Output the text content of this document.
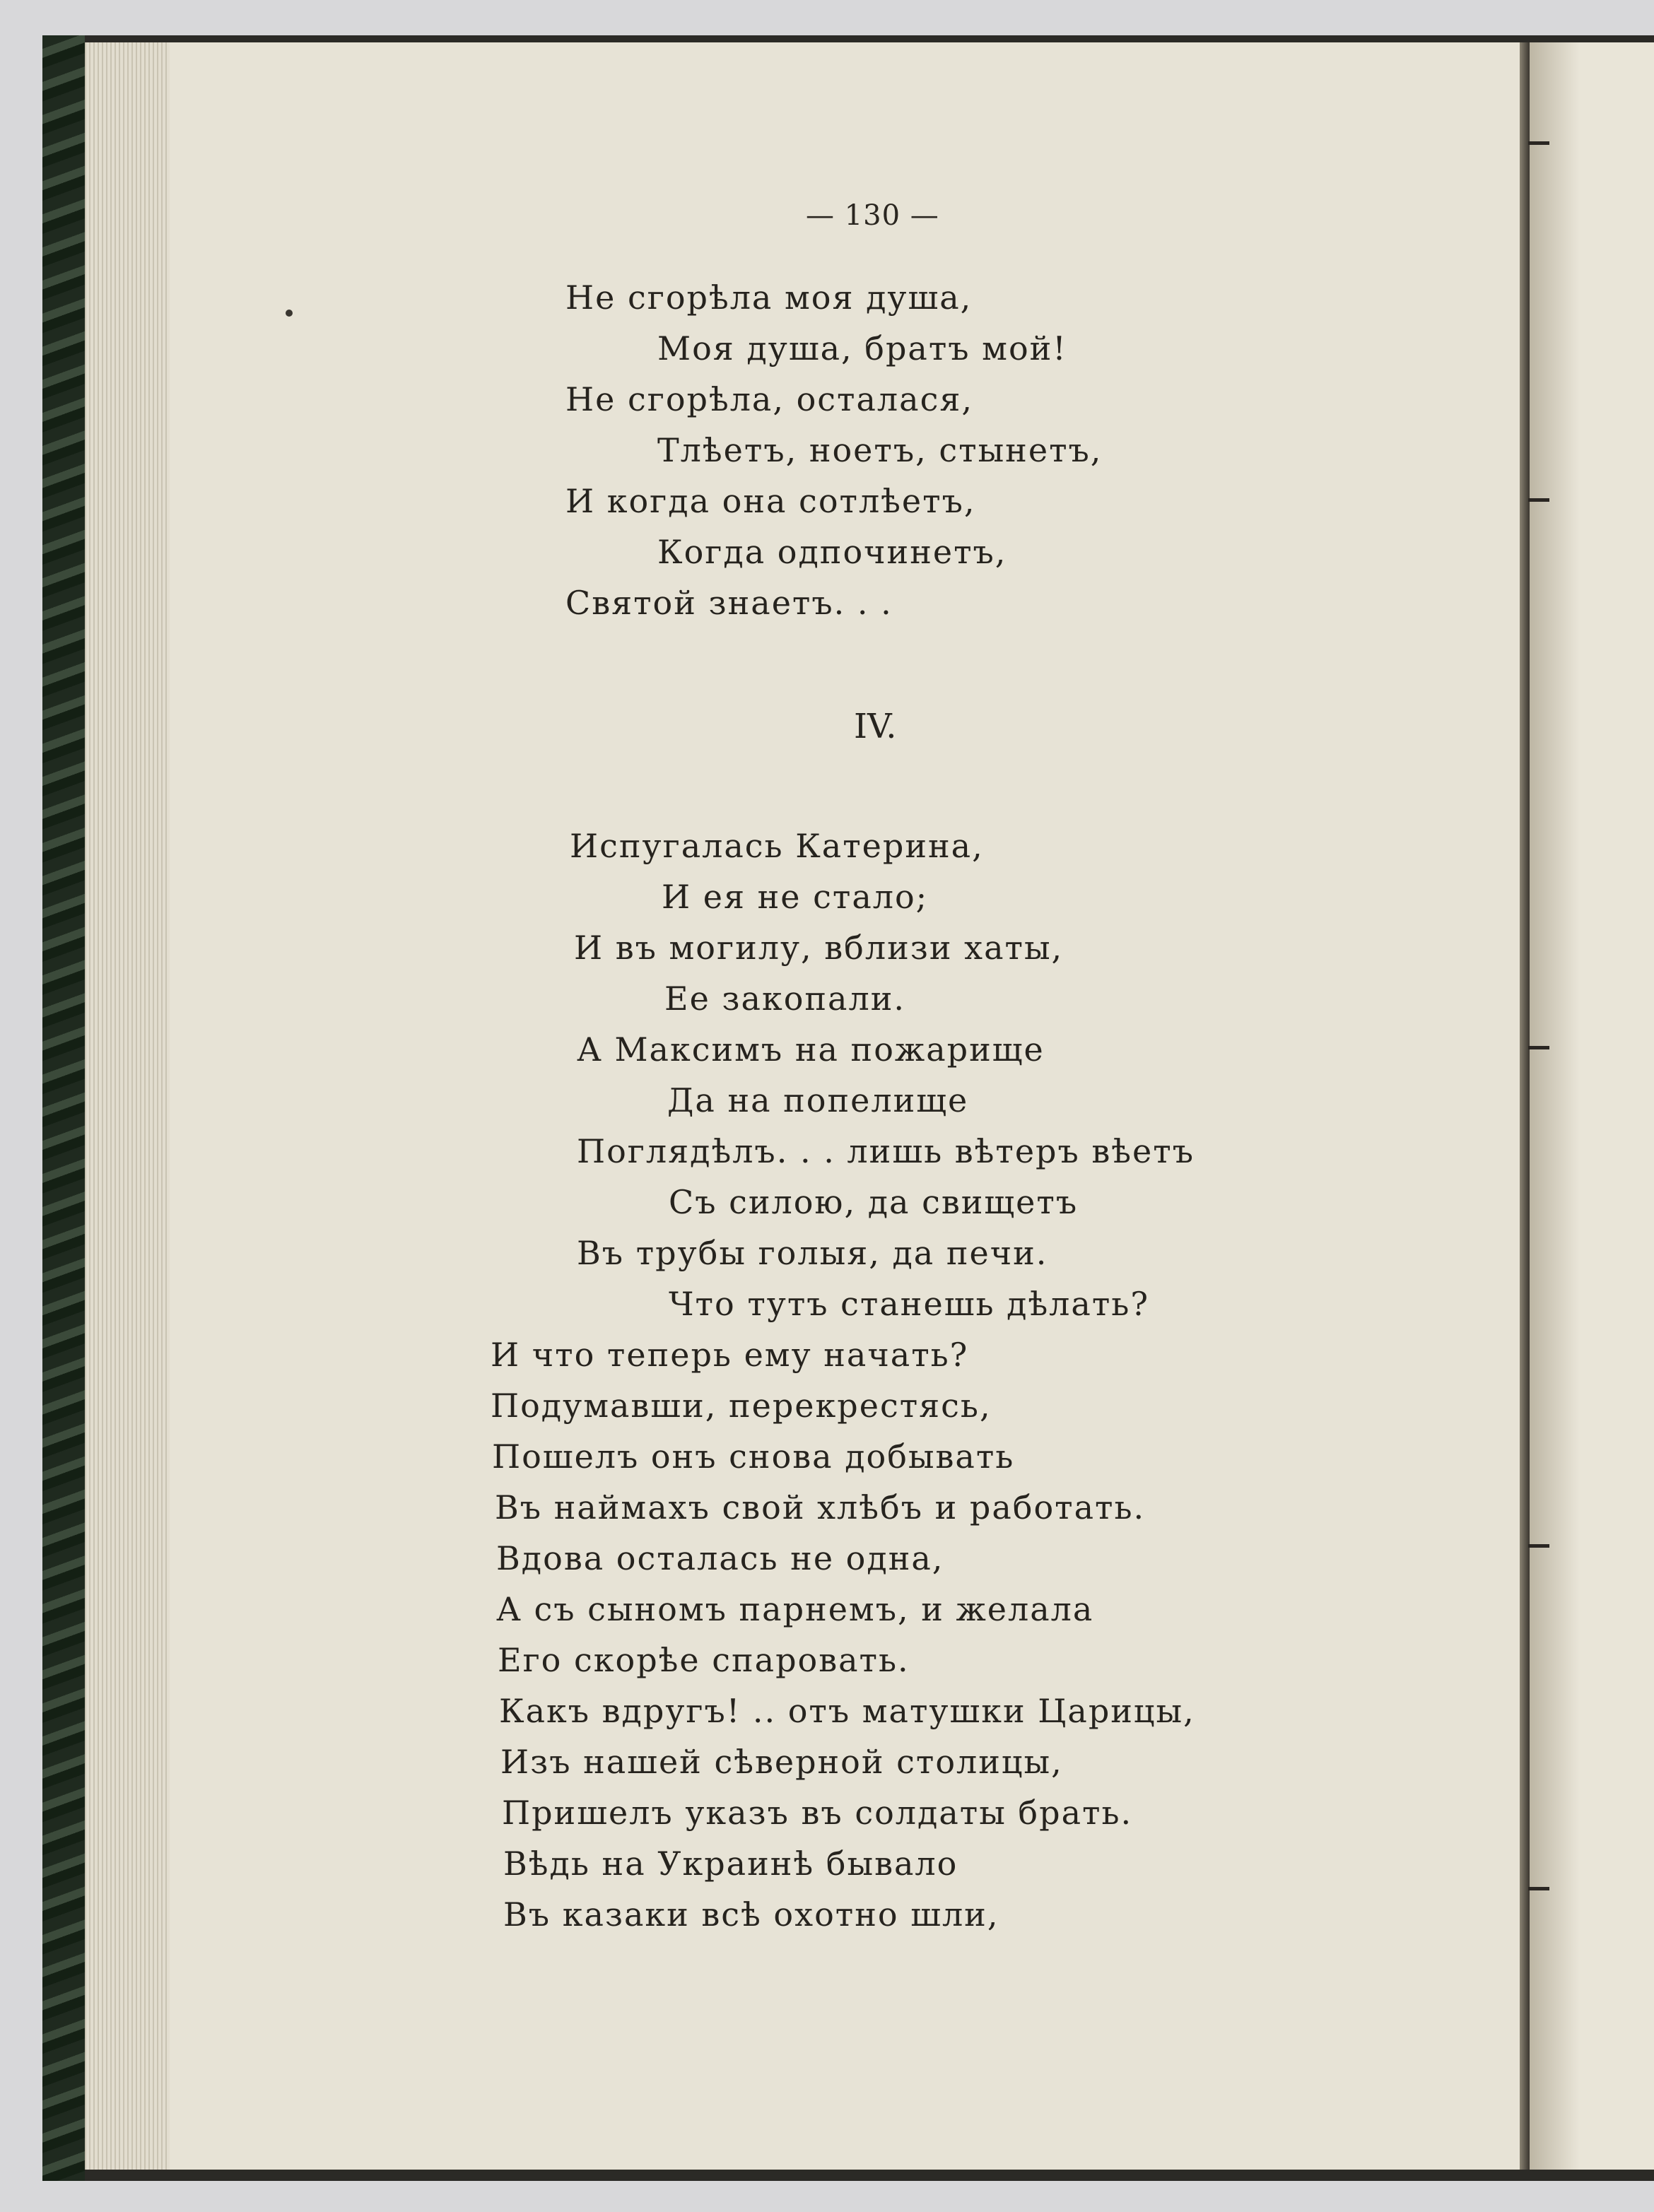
— 130 —
Не сгорѣла моя душа,
Моя душа, братъ мой!
Не сгорѣла, осталася,
Тлѣетъ, ноетъ, стынетъ,
И когда она сотлѣетъ,
Когда одпочинетъ,
Святой знаетъ. . .
IV.
Испугалась Катерина,
И ея не стало;
И въ могилу, вблизи хаты,
Ее закопали.
А Максимъ на пожарище
Да на попелище
Поглядѣлъ. . . лишь вѣтеръ вѣетъ
Съ силою, да свищетъ
Въ трубы голыя, да печи.
Что тутъ станешь дѣлать?
И что теперь ему начать?
Подумавши, перекрестясь,
Пошелъ онъ снова добывать
Въ наймахъ свой хлѣбъ и работать.
Вдова осталась не одна,
А съ сыномъ парнемъ, и желала
Его скорѣе спаровать.
Какъ вдругъ! .. отъ матушки Царицы,
Изъ нашей сѣверной столицы,
Пришелъ указъ въ солдаты брать.
Вѣдь на Украинѣ бывало
Въ казаки всѣ охотно шли,
